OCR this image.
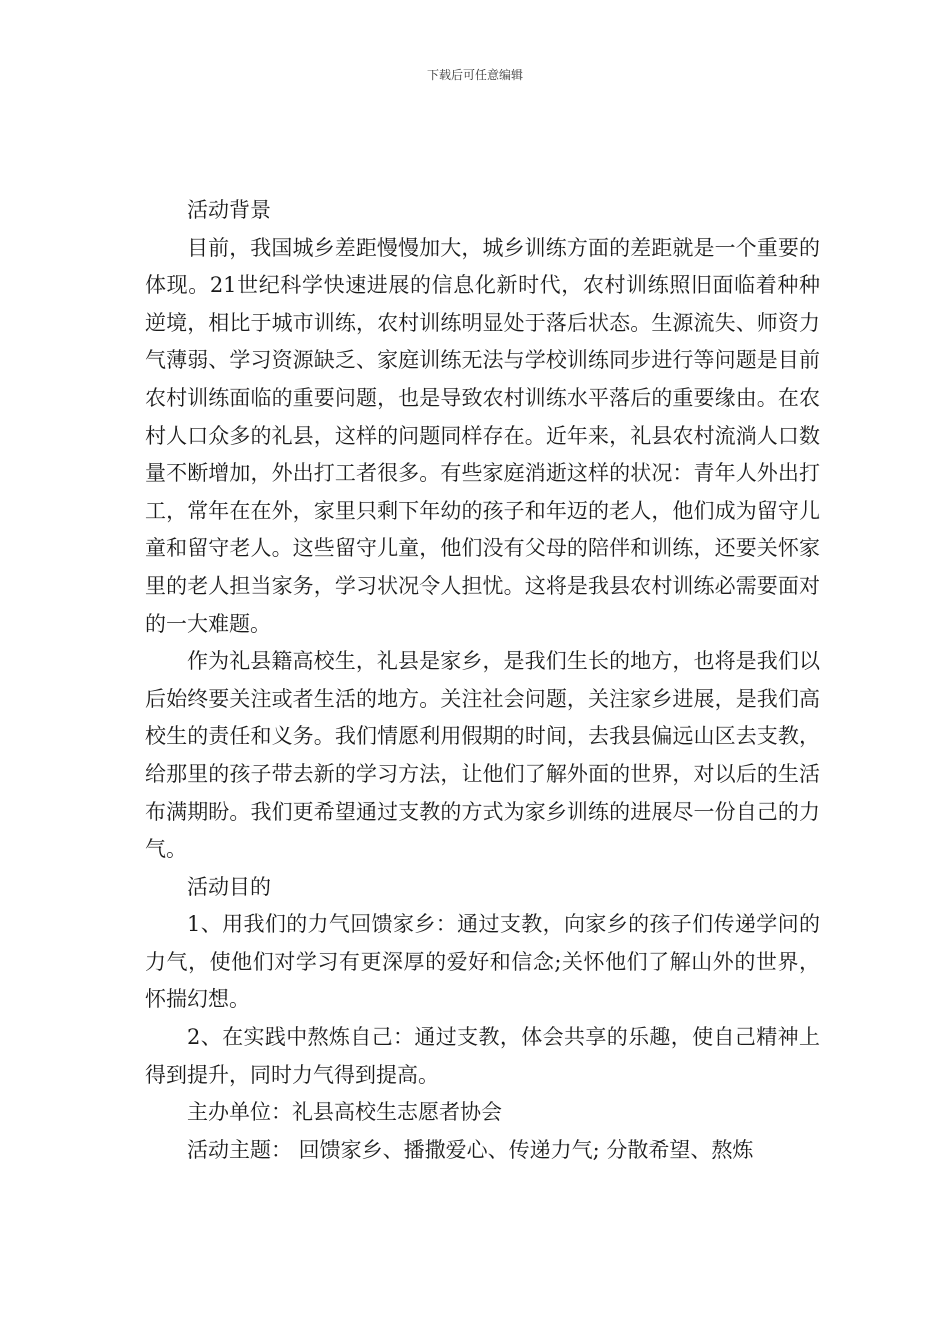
下载后可任意编辑

活动背景

目前，我国城乡差距慢慢加大，城乡训练方面的差距就是一个重要的体现。21世纪科学快速进展的信息化新时代，农村训练照旧面临着种种逆境，相比于城市训练，农村训练明显处于落后状态。生源流失、师资力气薄弱、学习资源缺乏、家庭训练无法与学校训练同步进行等问题是目前农村训练面临的重要问题，也是导致农村训练水平落后的重要缘由。在农村人口众多的礼县，这样的问题同样存在。近年来，礼县农村流淌人口数量不断增加，外出打工者很多。有些家庭消逝这样的状况：青年人外出打工，常年在在外，家里只剩下年幼的孩子和年迈的老人，他们成为留守儿童和留守老人。这些留守儿童，他们没有父母的陪伴和训练，还要关怀家里的老人担当家务，学习状况令人担忧。这将是我县农村训练必需要面对的一大难题。

作为礼县籍高校生，礼县是家乡，是我们生长的地方，也将是我们以后始终要关注或者生活的地方。关注社会问题，关注家乡进展，是我们高校生的责任和义务。我们情愿利用假期的时间，去我县偏远山区去支教，给那里的孩子带去新的学习方法，让他们了解外面的世界，对以后的生活布满期盼。我们更希望通过支教的方式为家乡训练的进展尽一份自己的力气。

活动目的

1、用我们的力气回馈家乡：通过支教，向家乡的孩子们传递学问的力气，使他们对学习有更深厚的爱好和信念;关怀他们了解山外的世界，怀揣幻想。

2、在实践中熬炼自己：通过支教，体会共享的乐趣，使自己精神上得到提升，同时力气得到提高。

主办单位：礼县高校生志愿者协会

活动主题： 回馈家乡、播撒爱心、传递力气; 分散希望、熬炼
